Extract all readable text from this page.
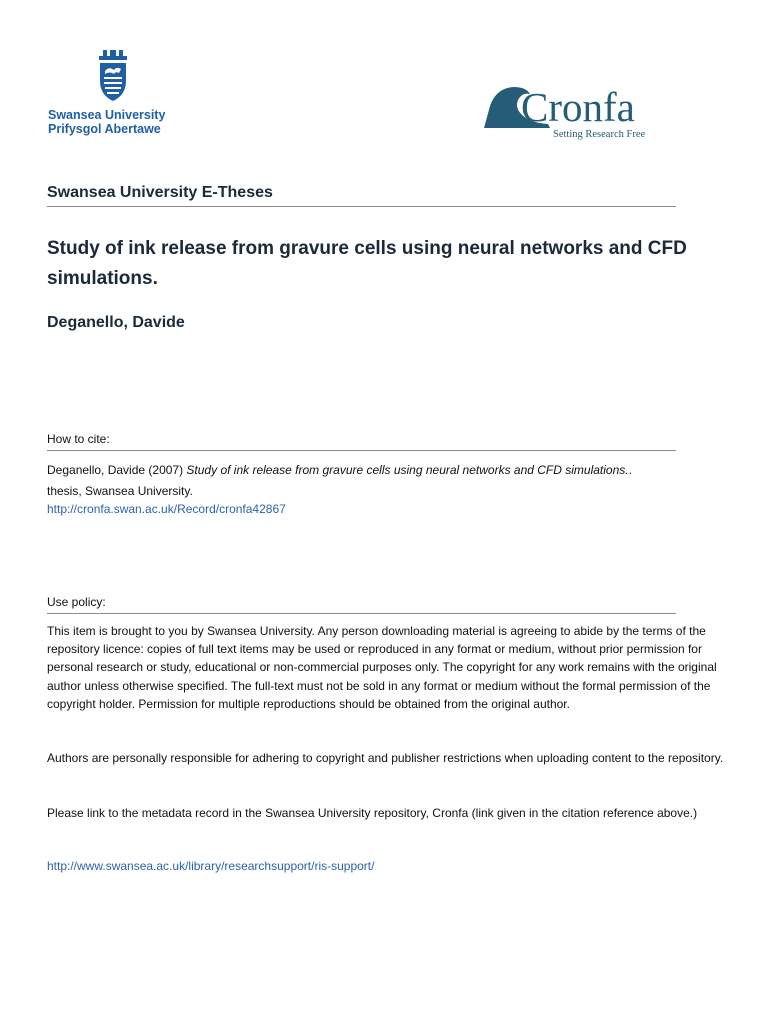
Swansea University
Prifysgol Abertawe	Cronfa
Setting Research Free
Swansea University E-Theses
Study of ink release from gravure cells using neural networks and CFD simulations.
Deganello, Davide
How to cite:
Deganello, Davide (2007) Study of ink release from gravure cells using neural networks and CFD simulations..
thesis, Swansea University.
http://cronfa.swan.ac.uk/Record/cronfa42867
Use policy:
This item is brought to you by Swansea University. Any person downloading material is agreeing to abide by the terms of the repository licence: copies of full text items may be used or reproduced in any format or medium, without prior permission for personal research or study, educational or non-commercial purposes only. The copyright for any work remains with the original author unless otherwise specified. The full-text must not be sold in any format or medium without the formal permission of the copyright holder. Permission for multiple reproductions should be obtained from the original author.
Authors are personally responsible for adhering to copyright and publisher restrictions when uploading content to the repository.
Please link to the metadata record in the Swansea University repository, Cronfa (link given in the citation reference above.)
http://www.swansea.ac.uk/library/researchsupport/ris-support/
